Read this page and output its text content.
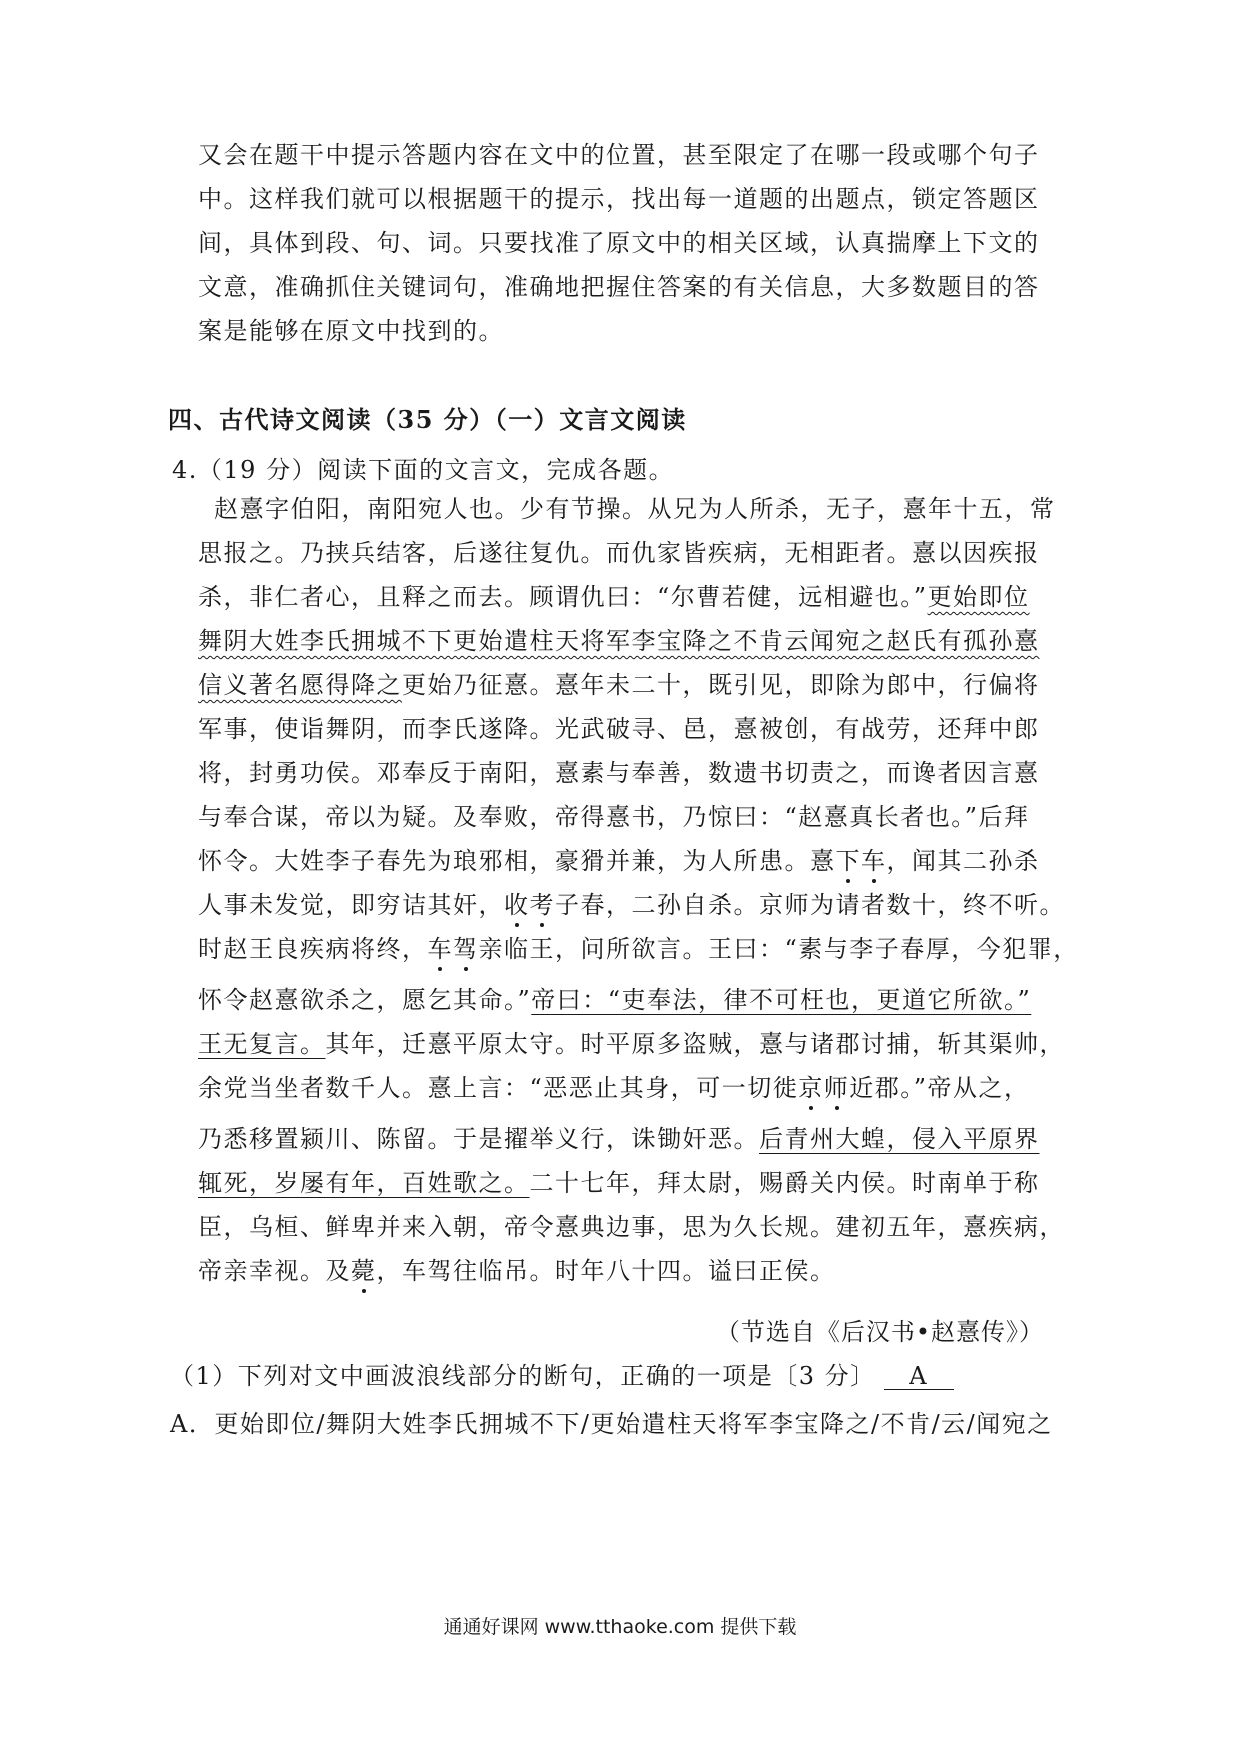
又会在题干中提示答题内容在文中的位置，甚至限定了在哪一段或哪个句子
中。这样我们就可以根据题干的提示，找出每一道题的出题点，锁定答题区
间，具体到段、句、词。只要找准了原文中的相关区域，认真揣摩上下文的
文意，准确抓住关键词句，准确地把握住答案的有关信息，大多数题目的答
案是能够在原文中找到的。
四、古代诗文阅读（35 分）（一）文言文阅读
4.（19 分）阅读下面的文言文，完成各题。
赵憙字伯阳，南阳宛人也。少有节操。从兄为人所杀，无子，憙年十五，常
思报之。乃挟兵结客，后遂往复仇。而仇家皆疾病，无相距者。憙以因疾报
杀，非仁者心，且释之而去。顾谓仇曰：“尔曹若健，远相避也。”更始即位
舞阴大姓李氏拥城不下更始遣柱天将军李宝降之不肯云闻宛之赵氏有孤孙憙
信义著名愿得降之更始乃征憙。憙年未二十，既引见，即除为郎中，行偏将
军事，使诣舞阴，而李氏遂降。光武破寻、邑，憙被创，有战劳，还拜中郎
将，封勇功侯。邓奉反于南阳，憙素与奉善，数遗书切责之，而谗者因言憙
与奉合谋，帝以为疑。及奉败，帝得憙书，乃惊曰：“赵憙真长者也。”后拜
怀令。大姓李子春先为琅邪相，豪猾并兼，为人所患。憙下车，闻其二孙杀
人事未发觉，即穷诘其奸，收考子春，二孙自杀。京师为请者数十，终不听。
时赵王良疾病将终，车驾亲临王，问所欲言。王曰：“素与李子春厚，今犯罪，
怀令赵憙欲杀之，愿乞其命。”帝曰：“吏奉法，律不可枉也，更道它所欲。”
王无复言。其年，迁憙平原太守。时平原多盗贼，憙与诸郡讨捕，斩其渠帅，
余党当坐者数千人。憙上言：“恶恶止其身，可一切徙京师近郡。”帝从之，
乃悉移置颍川、陈留。于是擢举义行，诛锄奸恶。后青州大蝗，侵入平原界
辄死，岁屡有年，百姓歌之。二十七年，拜太尉，赐爵关内侯。时南单于称
臣，乌桓、鲜卑并来入朝，帝令憙典边事，思为久长规。建初五年，憙疾病，
帝亲幸视。及薨，车驾往临吊。时年八十四。谥曰正侯。
（节选自《后汉书•赵憙传》）
（1）下列对文中画波浪线部分的断句，正确的一项是〔3 分〕 A
A．更始即位/舞阴大姓李氏拥城不下/更始遣柱天将军李宝降之/不肯/云/闻宛之
通通好课网 www.tthaoke.com 提供下载
